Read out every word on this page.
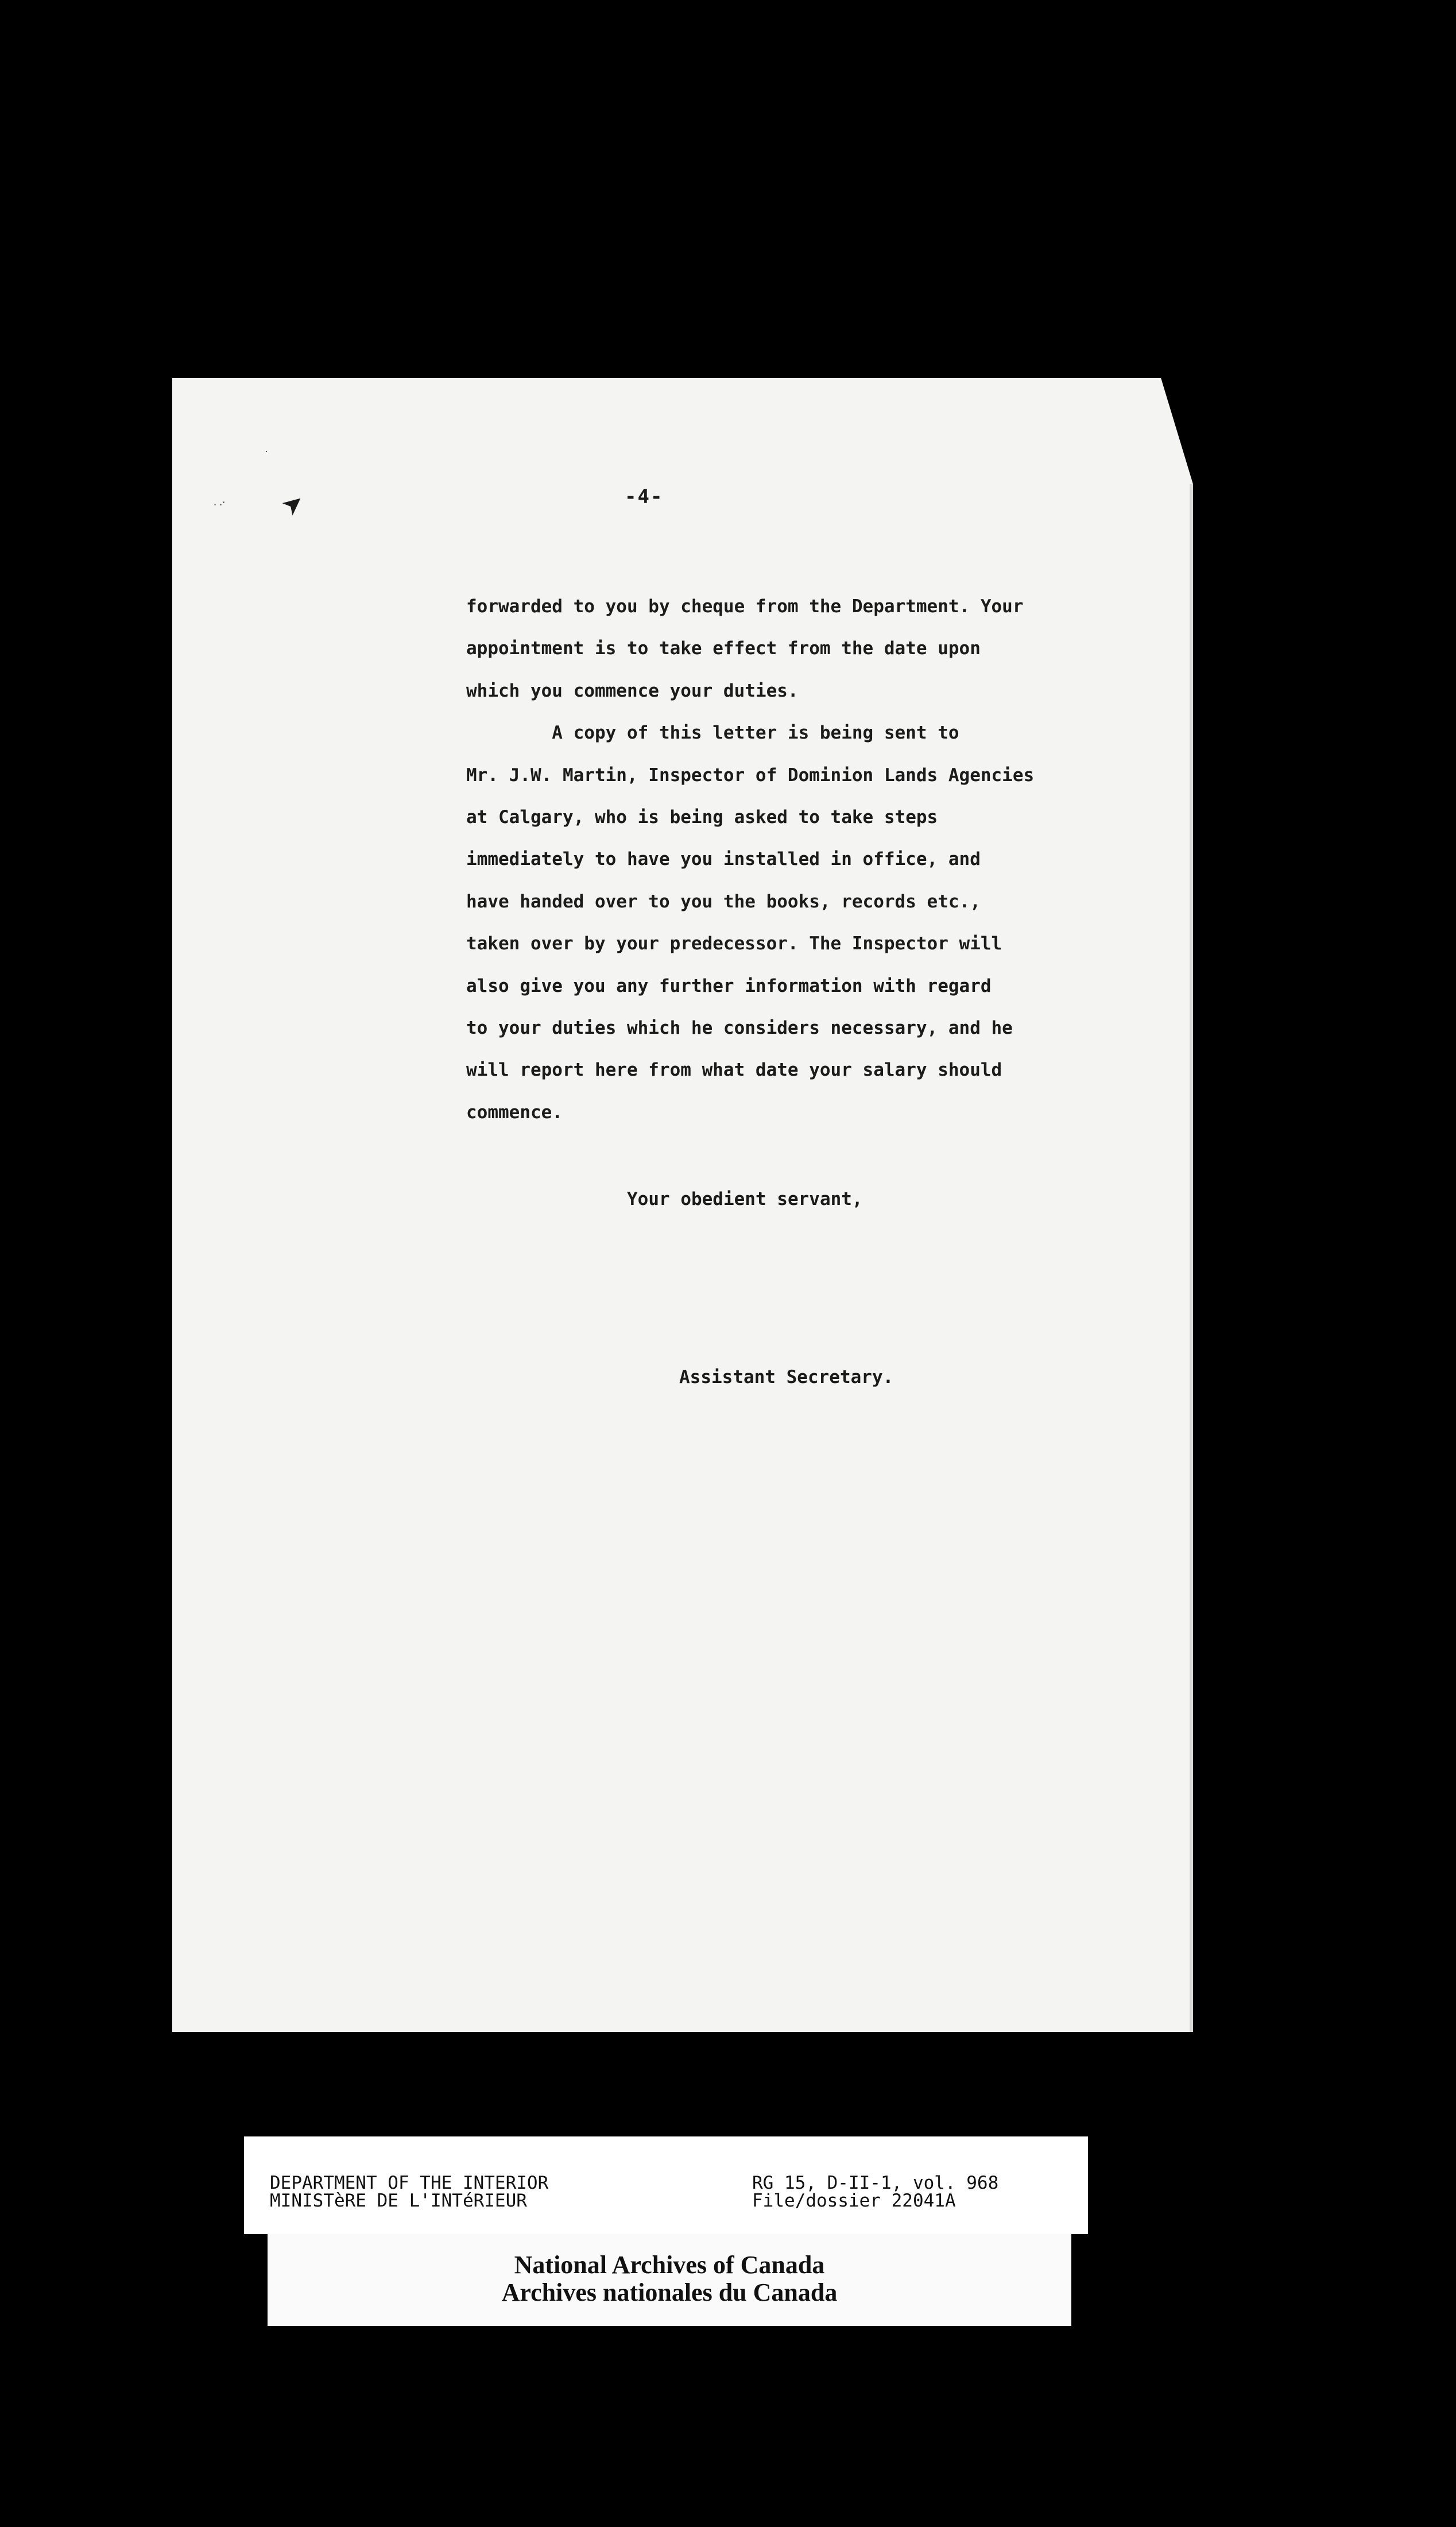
.
. .· ➤	-4-
forwarded to you by cheque from the Department. Your
appointment is to take effect from the date upon
which you commence your duties.
A copy of this letter is being sent to
Mr. J.W. Martin, Inspector of Dominion Lands Agencies
at Calgary, who is being asked to take steps
immediately to have you installed in office, and
have handed over to you the books, records etc.,
taken over by your predecessor. The Inspector will
also give you any further information with regard
to your duties which he considers necessary, and he
will report here from what date your salary should
commence.
Your obedient servant,
Assistant Secretary.
DEPARTMENT OF THE INTERIOR
MINISTèRE DE L'INTéRIEUR
RG 15, D-II-1, vol. 968
File/dossier 22041A
National Archives of Canada
Archives nationales du Canada
